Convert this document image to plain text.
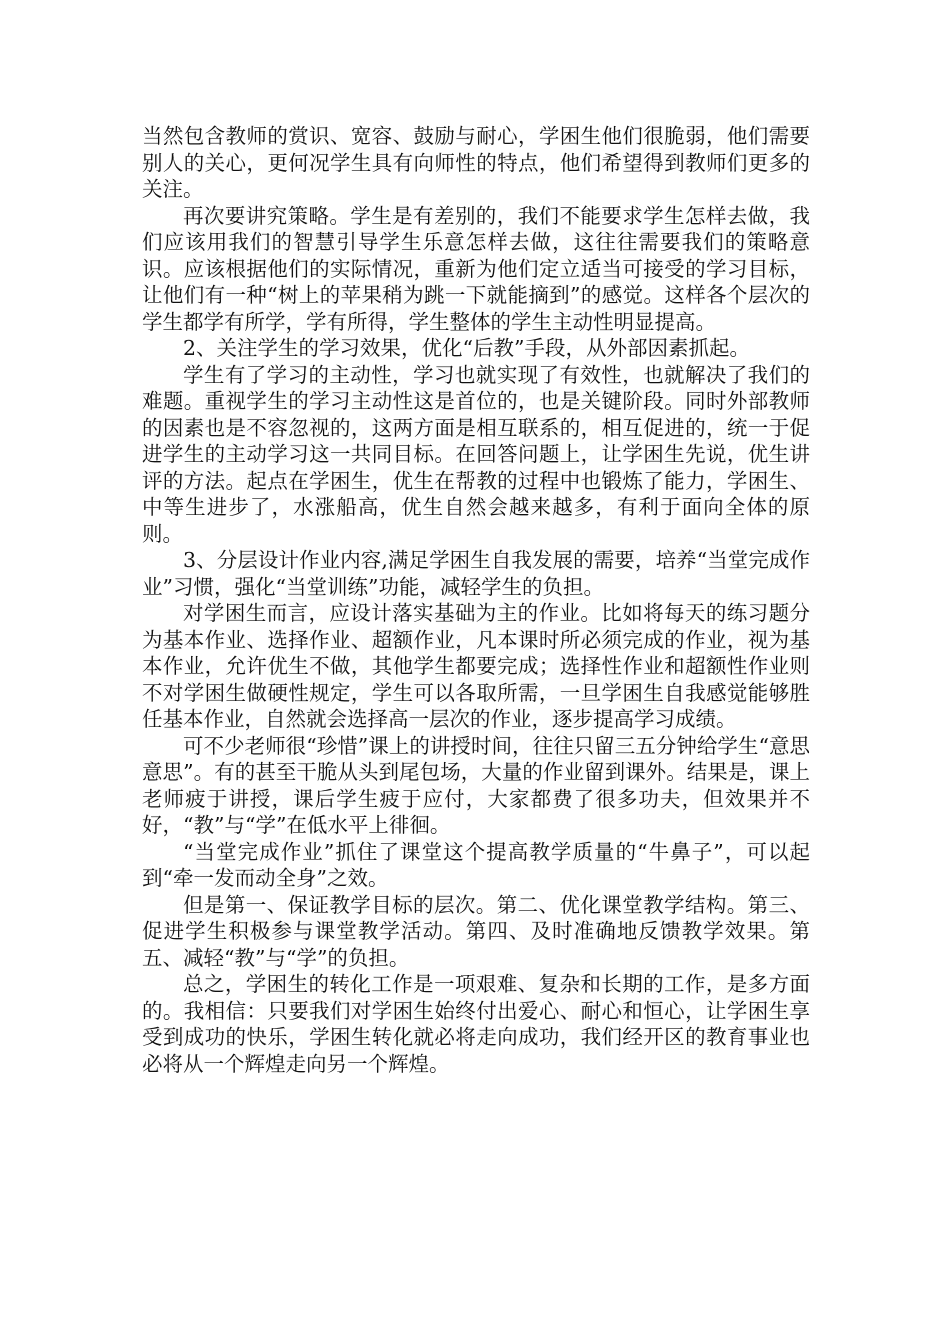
当然包含教师的赏识、宽容、鼓励与耐心，学困生他们很脆弱，他们需要别人的关心，更何况学生具有向师性的特点，他们希望得到教师们更多的关注。

再次要讲究策略。学生是有差别的，我们不能要求学生怎样去做，我们应该用我们的智慧引导学生乐意怎样去做，这往往需要我们的策略意识。应该根据他们的实际情况，重新为他们定立适当可接受的学习目标，让他们有一种“树上的苹果稍为跳一下就能摘到”的感觉。这样各个层次的学生都学有所学，学有所得，学生整体的学生主动性明显提高。

2、关注学生的学习效果，优化“后教”手段，从外部因素抓起。

学生有了学习的主动性，学习也就实现了有效性，也就解决了我们的难题。重视学生的学习主动性这是首位的，也是关键阶段。同时外部教师的因素也是不容忽视的，这两方面是相互联系的，相互促进的，统一于促进学生的主动学习这一共同目标。在回答问题上，让学困生先说，优生讲评的方法。起点在学困生，优生在帮教的过程中也锻炼了能力，学困生、中等生进步了，水涨船高，优生自然会越来越多，有利于面向全体的原则。

3、分层设计作业内容,满足学困生自我发展的需要，培养“当堂完成作业”习惯，强化“当堂训练”功能，减轻学生的负担。

对学困生而言，应设计落实基础为主的作业。比如将每天的练习题分为基本作业、选择作业、超额作业，凡本课时所必须完成的作业，视为基本作业，允许优生不做，其他学生都要完成；选择性作业和超额性作业则不对学困生做硬性规定，学生可以各取所需，一旦学困生自我感觉能够胜任基本作业，自然就会选择高一层次的作业，逐步提高学习成绩。

可不少老师很“珍惜”课上的讲授时间，往往只留三五分钟给学生“意思意思”。有的甚至干脆从头到尾包场，大量的作业留到课外。结果是，课上老师疲于讲授，课后学生疲于应付，大家都费了很多功夫，但效果并不好，“教”与“学”在低水平上徘徊。

“当堂完成作业”抓住了课堂这个提高教学质量的“牛鼻子”，可以起到“牵一发而动全身”之效。

但是第一、保证教学目标的层次。第二、优化课堂教学结构。第三、促进学生积极参与课堂教学活动。第四、及时准确地反馈教学效果。第五、减轻“教”与“学”的负担。

总之，学困生的转化工作是一项艰难、复杂和长期的工作，是多方面的。我相信：只要我们对学困生始终付出爱心、耐心和恒心，让学困生享受到成功的快乐，学困生转化就必将走向成功，我们经开区的教育事业也必将从一个辉煌走向另一个辉煌。
